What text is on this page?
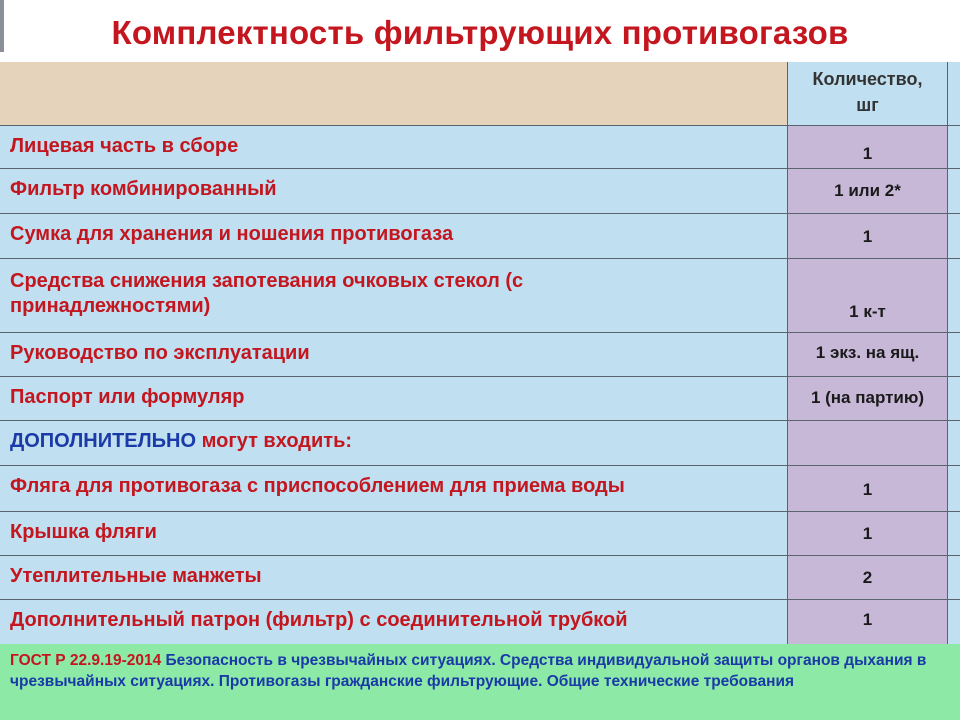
Комплектность фильтрующих противогазов
Количество,
шг
Лицевая часть в сборе	1
Фильтр комбинированный	1 или 2*
Сумка для хранения и ношения противогаза	1
Средства снижения запотевания очковых стекол (с принадлежностями)	1 к-т
Руководство по эксплуатации	1 экз. на ящ.
Паспорт или формуляр	1 (на партию)
ДОПОЛНИТЕЛЬНО могут входить:
Фляга для противогаза с приспособлением для приема воды	1
Крышка фляги	1
Утеплительные манжеты	2
Дополнительный патрон (фильтр) с соединительной трубкой	1
ГОСТ Р 22.9.19-2014 Безопасность в чрезвычайных ситуациях. Средства индивидуальной защиты органов дыхания в чрезвычайных ситуациях. Противогазы гражданские фильтрующие. Общие технические требования
